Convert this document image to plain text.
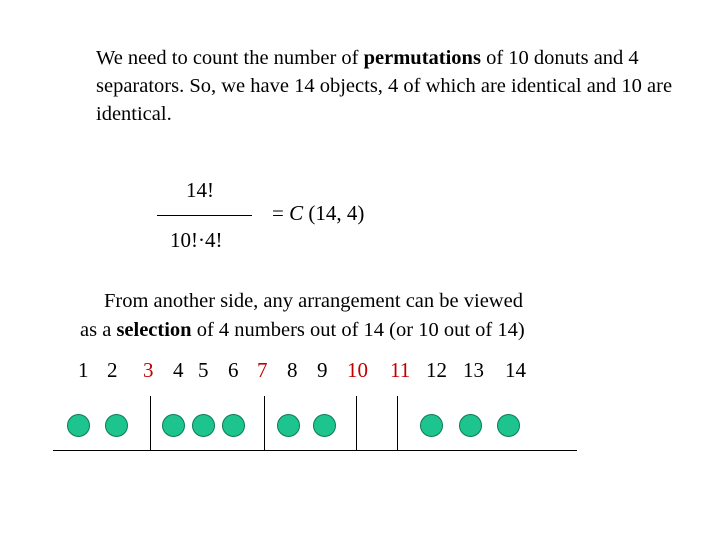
We need to count the number of permutations of 10 donuts and 4 separators. So, we have 14 objects, 4 of which are identical and 10 are identical.
14!
10!·4!
= C (14, 4)
From another side, any arrangement can be viewed
as a selection of 4 numbers out of 14 (or 10 out of 14)
1 2 3 4 5 6 7 8 9 10 11 12 13 14
